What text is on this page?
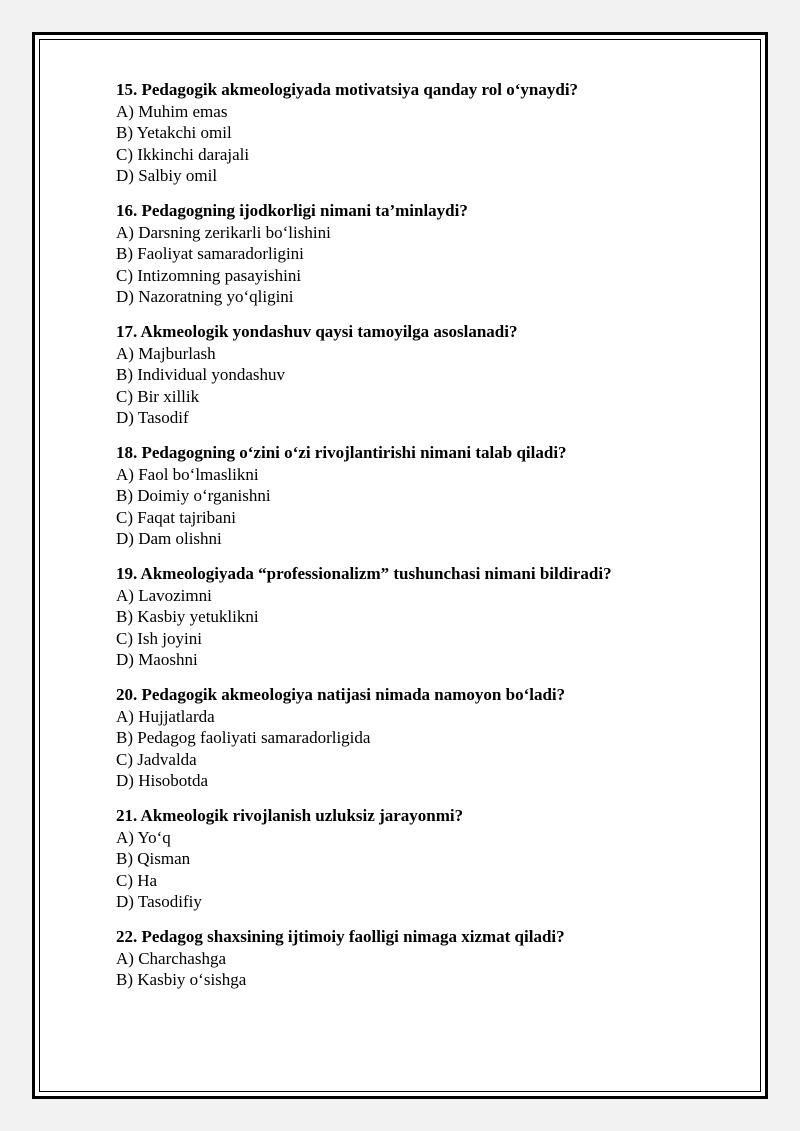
15. Pedagogik akmeologiyada motivatsiya qanday rol o‘ynaydi?
A) Muhim emas
B) Yetakchi omil
C) Ikkinchi darajali
D) Salbiy omil
16. Pedagogning ijodkorligi nimani ta’minlaydi?
A) Darsning zerikarli bo‘lishini
B) Faoliyat samaradorligini
C) Intizomning pasayishini
D) Nazoratning yo‘qligini
17. Akmeologik yondashuv qaysi tamoyilga asoslanadi?
A) Majburlash
B) Individual yondashuv
C) Bir xillik
D) Tasodif
18. Pedagogning o‘zini o‘zi rivojlantirishi nimani talab qiladi?
A) Faol bo‘lmaslikni
B) Doimiy o‘rganishni
C) Faqat tajribani
D) Dam olishni
19. Akmeologiyada “professionalizm” tushunchasi nimani bildiradi?
A) Lavozimni
B) Kasbiy yetuklikni
C) Ish joyini
D) Maoshni
20. Pedagogik akmeologiya natijasi nimada namoyon bo‘ladi?
A) Hujjatlarda
B) Pedagog faoliyati samaradorligida
C) Jadvalda
D) Hisobotda
21. Akmeologik rivojlanish uzluksiz jarayonmi?
A) Yo‘q
B) Qisman
C) Ha
D) Tasodifiy
22. Pedagog shaxsining ijtimoiy faolligi nimaga xizmat qiladi?
A) Charchashga
B) Kasbiy o‘sishga
